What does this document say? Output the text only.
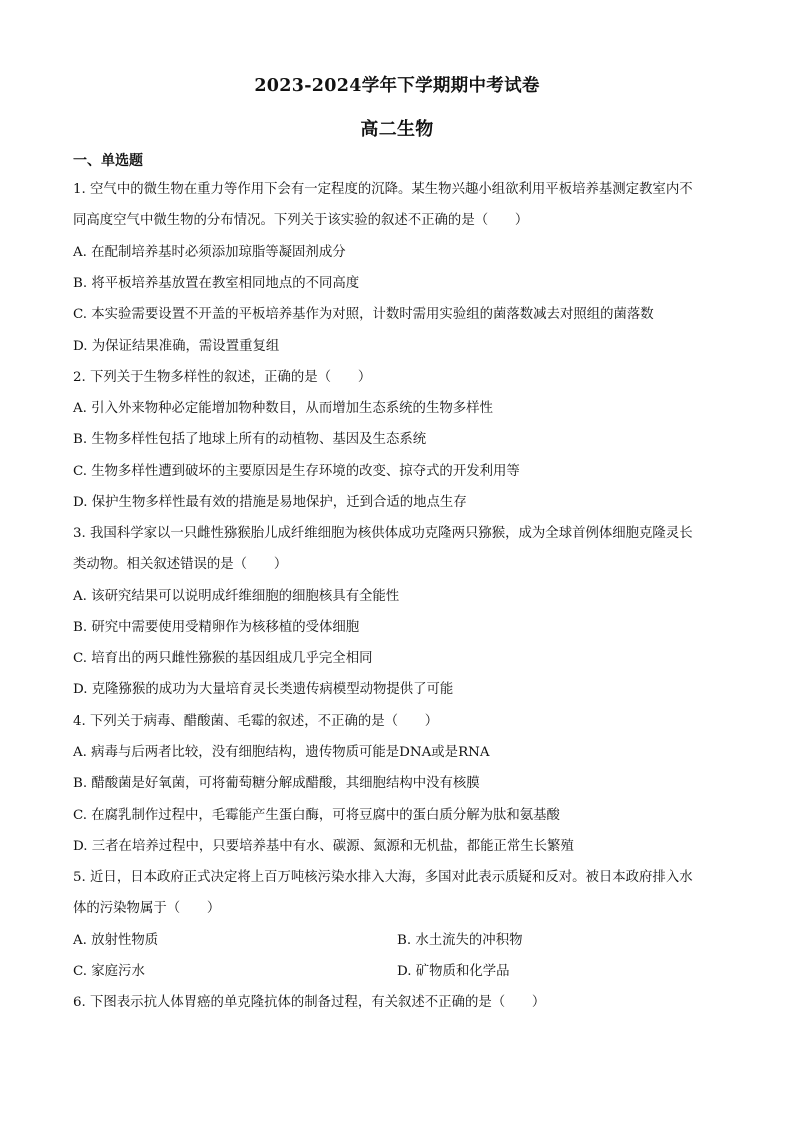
2023-2024学年下学期期中考试卷
高二生物
一、单选题
1. 空气中的微生物在重力等作用下会有一定程度的沉降。某生物兴趣小组欲利用平板培养基测定教室内不
同高度空气中微生物的分布情况。下列关于该实验的叙述不正确的是（　　）
A. 在配制培养基时必须添加琼脂等凝固剂成分
B. 将平板培养基放置在教室相同地点的不同高度
C. 本实验需要设置不开盖的平板培养基作为对照，计数时需用实验组的菌落数减去对照组的菌落数
D. 为保证结果准确，需设置重复组
2. 下列关于生物多样性的叙述，正确的是（　　）
A. 引入外来物种必定能增加物种数目，从而增加生态系统的生物多样性
B. 生物多样性包括了地球上所有的动植物、基因及生态系统
C. 生物多样性遭到破坏的主要原因是生存环境的改变、掠夺式的开发利用等
D. 保护生物多样性最有效的措施是易地保护，迁到合适的地点生存
3. 我国科学家以一只雌性猕猴胎儿成纤维细胞为核供体成功克隆两只猕猴，成为全球首例体细胞克隆灵长
类动物。相关叙述错误的是（　　）
A. 该研究结果可以说明成纤维细胞的细胞核具有全能性
B. 研究中需要使用受精卵作为核移植的受体细胞
C. 培育出的两只雌性猕猴的基因组成几乎完全相同
D. 克隆猕猴的成功为大量培育灵长类遗传病模型动物提供了可能
4. 下列关于病毒、醋酸菌、毛霉的叙述，不正确的是（　　）
A. 病毒与后两者比较，没有细胞结构，遗传物质可能是DNA或是RNA
B. 醋酸菌是好氧菌，可将葡萄糖分解成醋酸，其细胞结构中没有核膜
C. 在腐乳制作过程中，毛霉能产生蛋白酶，可将豆腐中的蛋白质分解为肽和氨基酸
D. 三者在培养过程中，只要培养基中有水、碳源、氮源和无机盐，都能正常生长繁殖
5. 近日，日本政府正式决定将上百万吨核污染水排入大海，多国对此表示质疑和反对。被日本政府排入水
体的污染物属于（　　）
A. 放射性物质	B. 水土流失的冲积物
C. 家庭污水	D. 矿物质和化学品
6. 下图表示抗人体胃癌的单克隆抗体的制备过程，有关叙述不正确的是（　　）
